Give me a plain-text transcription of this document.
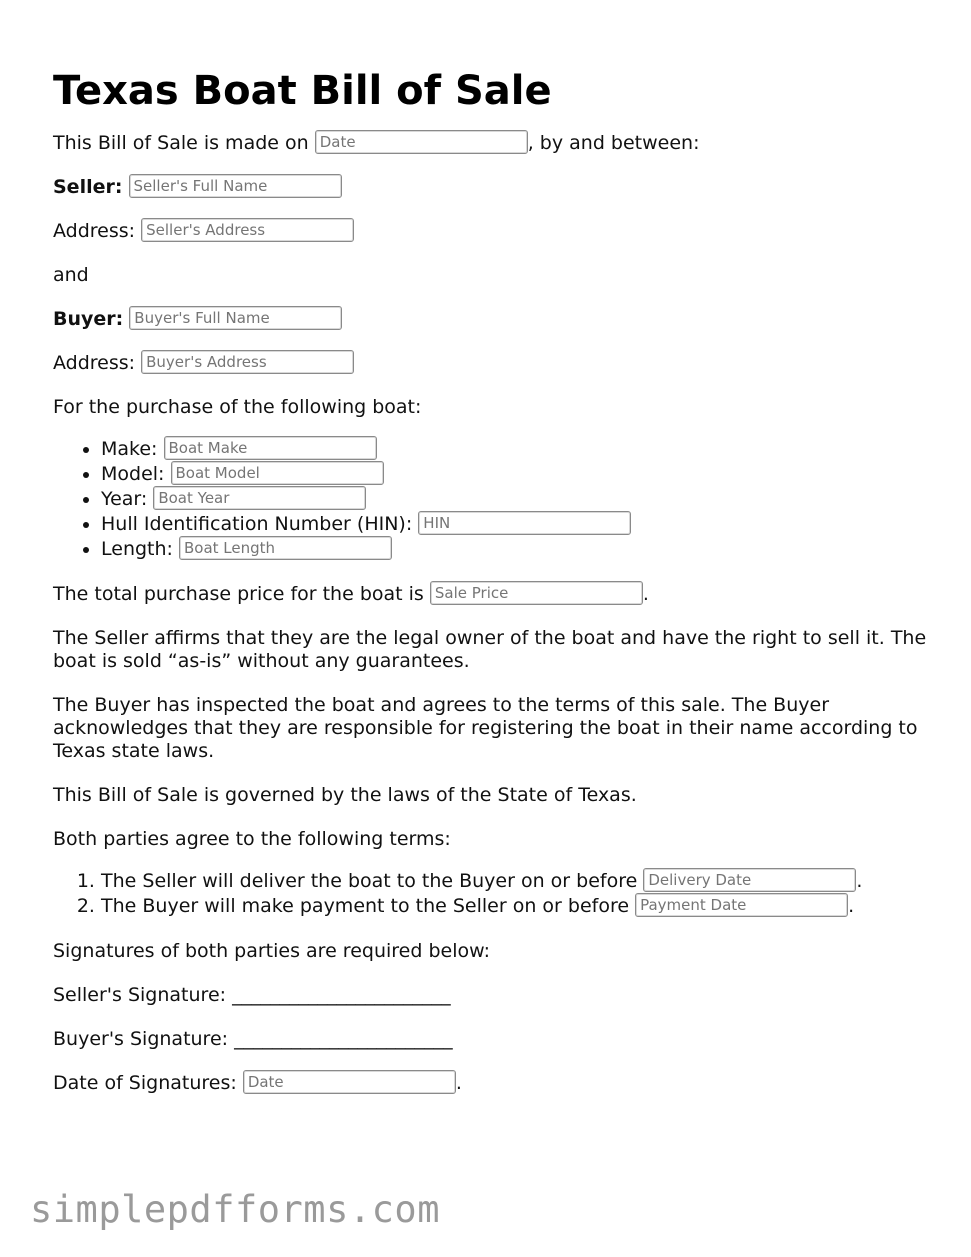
Texas Boat Bill of Sale

This Bill of Sale is made on Date	, by and between:

Seller: Seller's Full Name

Address: Seller's Address

and

Buyer: Buyer's Full Name

Address: Buyer's Address

For the purchase of the following boat:

• Make: Boat Make
• Model: Boat Model
• Year: Boat Year
• Hull Identification Number (HIN): HIN
• Length: Boat Length

The total purchase price for the boat is Sale Price	.

The Seller affirms that they are the legal owner of the boat and have the right to sell it. The boat is sold “as-is” without any guarantees.

The Buyer has inspected the boat and agrees to the terms of this sale. The Buyer acknowledges that they are responsible for registering the boat in their name according to Texas state laws.

This Bill of Sale is governed by the laws of the State of Texas.

Both parties agree to the following terms:

1. The Seller will deliver the boat to the Buyer on or before Delivery Date	.
2. The Buyer will make payment to the Seller on or before Payment Date	.

Signatures of both parties are required below:

Seller's Signature: _______________________

Buyer's Signature: _______________________

Date of Signatures: Date	.

simplepdfforms.com
